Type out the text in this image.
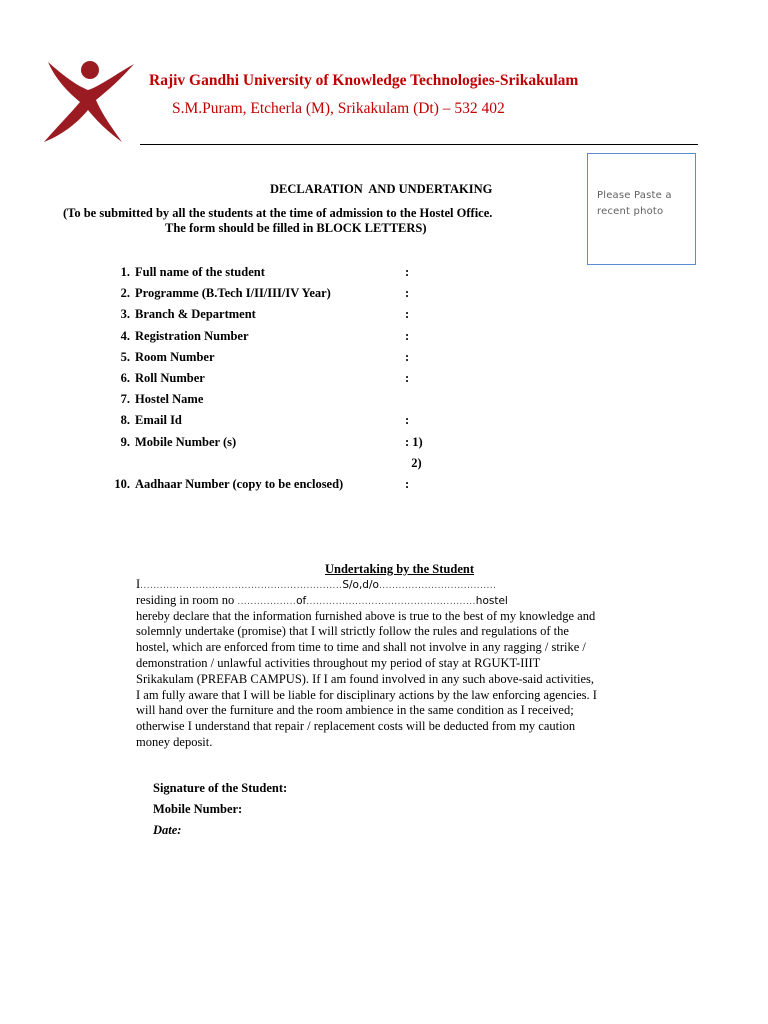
Rajiv Gandhi University of Knowledge Technologies-Srikakulam
S.M.Puram, Etcherla (M), Srikakulam (Dt) – 532 402
Please Paste a recent photo
DECLARATION  AND UNDERTAKING
(To be submitted by all the students at the time of admission to the Hostel Office.
The form should be filled in BLOCK LETTERS)
1. Full name of the student	:
2. Programme (B.Tech I/II/III/IV Year)	:
3. Branch & Department	:
4. Registration Number	:
5. Room Number	:
6. Roll Number	:
7. Hostel Name
8. Email Id	:
9. Mobile Number (s)	: 1)
2)
10. Aadhaar Number (copy to be enclosed)	:
Undertaking by the Student
I..............................................................S/o,d/o....................................
residing in room no ..................of....................................................hostel
hereby declare that the information furnished above is true to the best of my knowledge and
solemnly undertake (promise) that I will strictly follow the rules and regulations of the
hostel, which are enforced from time to time and shall not involve in any ragging / strike /
demonstration / unlawful activities throughout my period of stay at RGUKT-IIIT
Srikakulam (PREFAB CAMPUS). If I am found involved in any such above-said activities,
I am fully aware that I will be liable for disciplinary actions by the law enforcing agencies. I
will hand over the furniture and the room ambience in the same condition as I received;
otherwise I understand that repair / replacement costs will be deducted from my caution
money deposit.
Signature of the Student:
Mobile Number:
Date:
